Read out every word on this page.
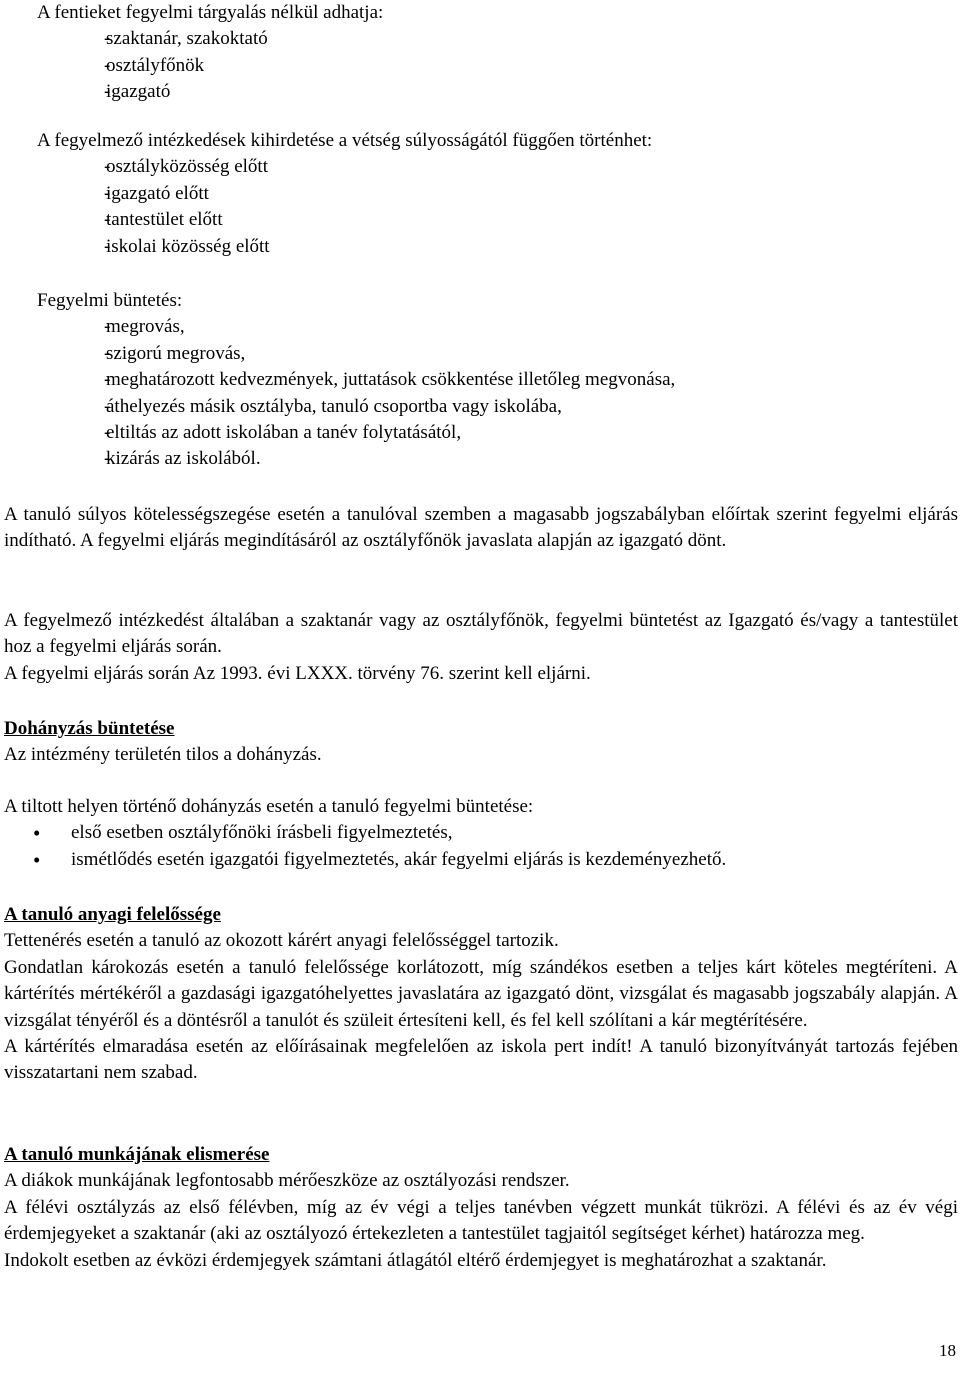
A fentieket fegyelmi tárgyalás nélkül adhatja:

- szaktanár, szakoktató

- osztályfőnök

- igazgató

A fegyelmező intézkedések kihirdetése a vétség súlyosságától függően történhet:

- osztályközösség előtt

- igazgató előtt

- tantestület előtt

- iskolai közösség előtt

Fegyelmi büntetés:

- megrovás,

- szigorú megrovás,

- meghatározott kedvezmények, juttatások csökkentése illetőleg megvonása,

- áthelyezés másik osztályba, tanuló csoportba vagy iskolába,

- eltiltás az adott iskolában a tanév folytatásától,

- kizárás az iskolából.

A tanuló súlyos kötelességszegése esetén a tanulóval szemben a magasabb jogszabályban előírtak szerint fegyelmi eljárás indítható. A fegyelmi eljárás megindításáról az osztályfőnök javaslata alapján az igazgató dönt.

A fegyelmező intézkedést általában a szaktanár vagy az osztályfőnök, fegyelmi büntetést az Igazgató és/vagy a tantestület hoz a fegyelmi eljárás során.

A fegyelmi eljárás során Az 1993. évi LXXX. törvény 76. szerint kell eljárni.

Dohányzás büntetése

Az intézmény területén tilos a dohányzás.

A tiltott helyen történő dohányzás esetén a tanuló fegyelmi büntetése:

• első esetben osztályfőnöki írásbeli figyelmeztetés,

• ismétlődés esetén igazgatói figyelmeztetés, akár fegyelmi eljárás is kezdeményezhető.

A tanuló anyagi felelőssége

Tettenérés esetén a tanuló az okozott kárért anyagi felelősséggel tartozik.

Gondatlan károkozás esetén a tanuló felelőssége korlátozott, míg szándékos esetben a teljes kárt köteles megtéríteni. A kártérítés mértékéről a gazdasági igazgatóhelyettes javaslatára az igazgató dönt, vizsgálat és magasabb jogszabály alapján. A vizsgálat tényéről és a döntésről a tanulót és szüleit értesíteni kell, és fel kell szólítani a kár megtérítésére.

A kártérítés elmaradása esetén az előírásainak megfelelően az iskola pert indít! A tanuló bizonyítványát tartozás fejében visszatartani nem szabad.

A tanuló munkájának elismerése

A diákok munkájának legfontosabb mérőeszköze az osztályozási rendszer.

A félévi osztályzás az első félévben, míg az év végi a teljes tanévben végzett munkát tükrözi. A félévi és az év végi érdemjegyeket a szaktanár (aki az osztályozó értekezleten a tantestület tagjaitól segítséget kérhet) határozza meg.

Indokolt esetben az évközi érdemjegyek számtani átlagától eltérő érdemjegyet is meghatározhat a szaktanár.

18
